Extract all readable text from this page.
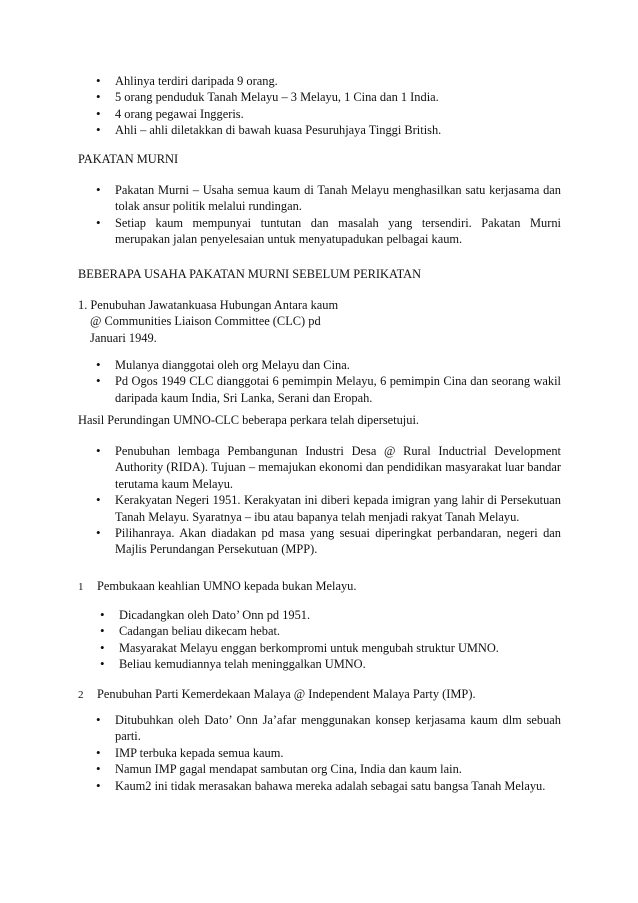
• Ahlinya terdiri daripada 9 orang.
• 5 orang penduduk Tanah Melayu – 3 Melayu, 1 Cina dan 1 India.
• 4 orang pegawai Inggeris.
• Ahli – ahli diletakkan di bawah kuasa Pesuruhjaya Tinggi British.
PAKATAN MURNI
• Pakatan Murni – Usaha semua kaum di Tanah Melayu menghasilkan satu kerjasama dan tolak ansur politik melalui rundingan.
• Setiap kaum mempunyai tuntutan dan masalah yang tersendiri. Pakatan Murni merupakan jalan penyelesaian untuk menyatupadukan pelbagai kaum.
BEBERAPA USAHA PAKATAN MURNI SEBELUM PERIKATAN
1. Penubuhan Jawatankuasa Hubungan Antara kaum
@ Communities Liaison Committee (CLC) pd
Januari 1949.
• Mulanya dianggotai oleh org Melayu dan Cina.
• Pd Ogos 1949 CLC dianggotai 6 pemimpin Melayu, 6 pemimpin Cina dan seorang wakil daripada kaum India, Sri Lanka, Serani dan Eropah.
Hasil Perundingan UMNO-CLC beberapa perkara telah dipersetujui.
• Penubuhan lembaga Pembangunan Industri Desa @ Rural Inductrial Development Authority (RIDA). Tujuan – memajukan ekonomi dan pendidikan masyarakat luar bandar terutama kaum Melayu.
• Kerakyatan Negeri 1951. Kerakyatan ini diberi kepada imigran yang lahir di Persekutuan Tanah Melayu. Syaratnya – ibu atau bapanya telah menjadi rakyat Tanah Melayu.
• Pilihanraya. Akan diadakan pd masa yang sesuai diperingkat perbandaran, negeri dan Majlis Perundangan Persekutuan (MPP).
1 Pembukaan keahlian UMNO kepada bukan Melayu.
• Dicadangkan oleh Dato’ Onn pd 1951.
• Cadangan beliau dikecam hebat.
• Masyarakat Melayu enggan berkompromi untuk mengubah struktur UMNO.
• Beliau kemudiannya telah meninggalkan UMNO.
2 Penubuhan Parti Kemerdekaan Malaya @ Independent Malaya Party (IMP).
• Ditubuhkan oleh Dato’ Onn Ja’afar menggunakan konsep kerjasama kaum dlm sebuah parti.
• IMP terbuka kepada semua kaum.
• Namun IMP gagal mendapat sambutan org Cina, India dan kaum lain.
• Kaum2 ini tidak merasakan bahawa mereka adalah sebagai satu bangsa Tanah Melayu.
